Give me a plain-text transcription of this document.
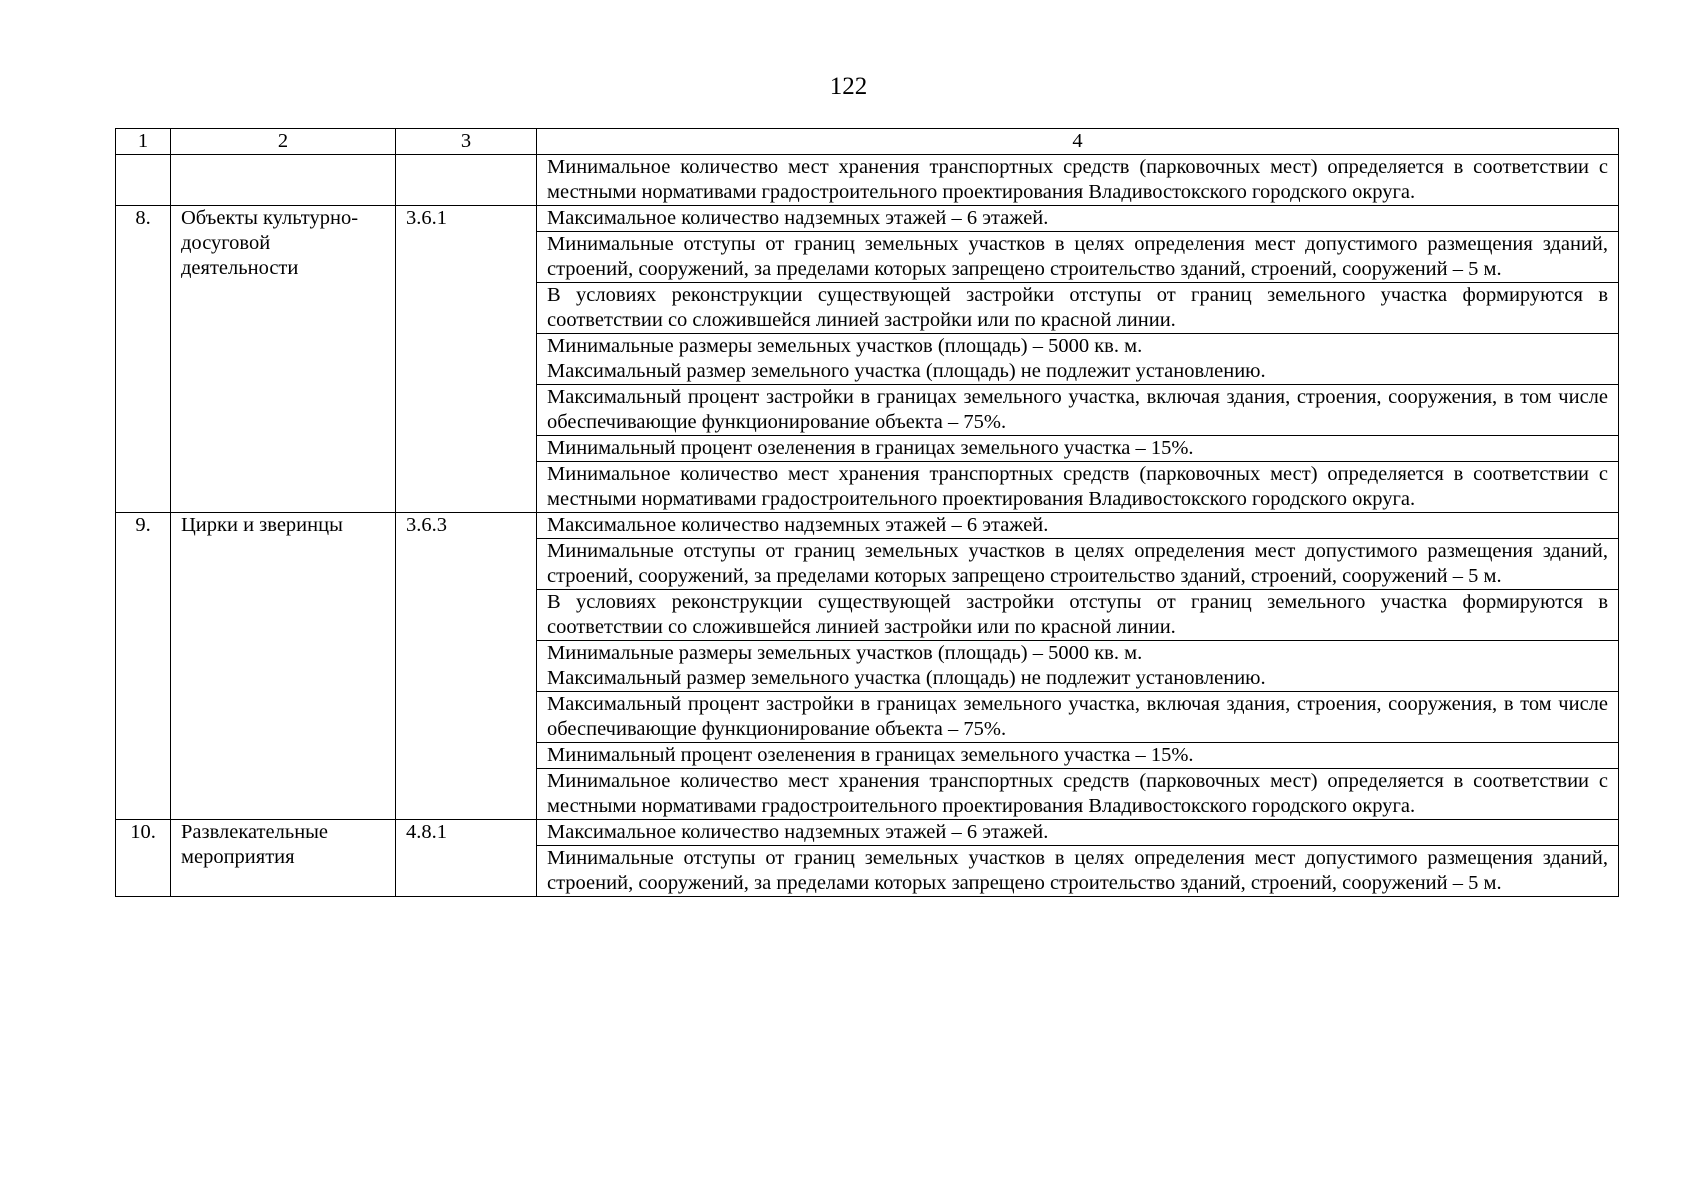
122
1	2	3	4

			Минимальное количество мест хранения транспортных средств (парковочных мест) определяется в соответствии с местными нормативами градостроительного проектирования Владивостокского городского округа.

8.	Объекты культурно-досуговой деятельности	3.6.1	Максимальное количество надземных этажей – 6 этажей.

			Минимальные отступы от границ земельных участков в целях определения мест допустимого размещения зданий, строений, сооружений, за пределами которых запрещено строительство зданий, строений, сооружений – 5 м.

			В условиях реконструкции существующей застройки отступы от границ земельного участка формируются в соответствии со сложившейся линией застройки или по красной линии.

			Минимальные размеры земельных участков (площадь) – 5000 кв. м.
Максимальный размер земельного участка (площадь) не подлежит установлению.

			Максимальный процент застройки в границах земельного участка, включая здания, строения, сооружения, в том числе обеспечивающие функционирование объекта – 75%.

			Минимальный процент озеленения в границах земельного участка – 15%.

			Минимальное количество мест хранения транспортных средств (парковочных мест) определяется в соответствии с местными нормативами градостроительного проектирования Владивостокского городского округа.

9.	Цирки и зверинцы	3.6.3	Максимальное количество надземных этажей – 6 этажей.

			Минимальные отступы от границ земельных участков в целях определения мест допустимого размещения зданий, строений, сооружений, за пределами которых запрещено строительство зданий, строений, сооружений – 5 м.

			В условиях реконструкции существующей застройки отступы от границ земельного участка формируются в соответствии со сложившейся линией застройки или по красной линии.

			Минимальные размеры земельных участков (площадь) – 5000 кв. м.
Максимальный размер земельного участка (площадь) не подлежит установлению.

			Максимальный процент застройки в границах земельного участка, включая здания, строения, сооружения, в том числе обеспечивающие функционирование объекта – 75%.

			Минимальный процент озеленения в границах земельного участка – 15%.

			Минимальное количество мест хранения транспортных средств (парковочных мест) определяется в соответствии с местными нормативами градостроительного проектирования Владивостокского городского округа.

10.	Развлекательные мероприятия	4.8.1	Максимальное количество надземных этажей – 6 этажей.

			Минимальные отступы от границ земельных участков в целях определения мест допустимого размещения зданий, строений, сооружений, за пределами которых запрещено строительство зданий, строений, сооружений – 5 м.
